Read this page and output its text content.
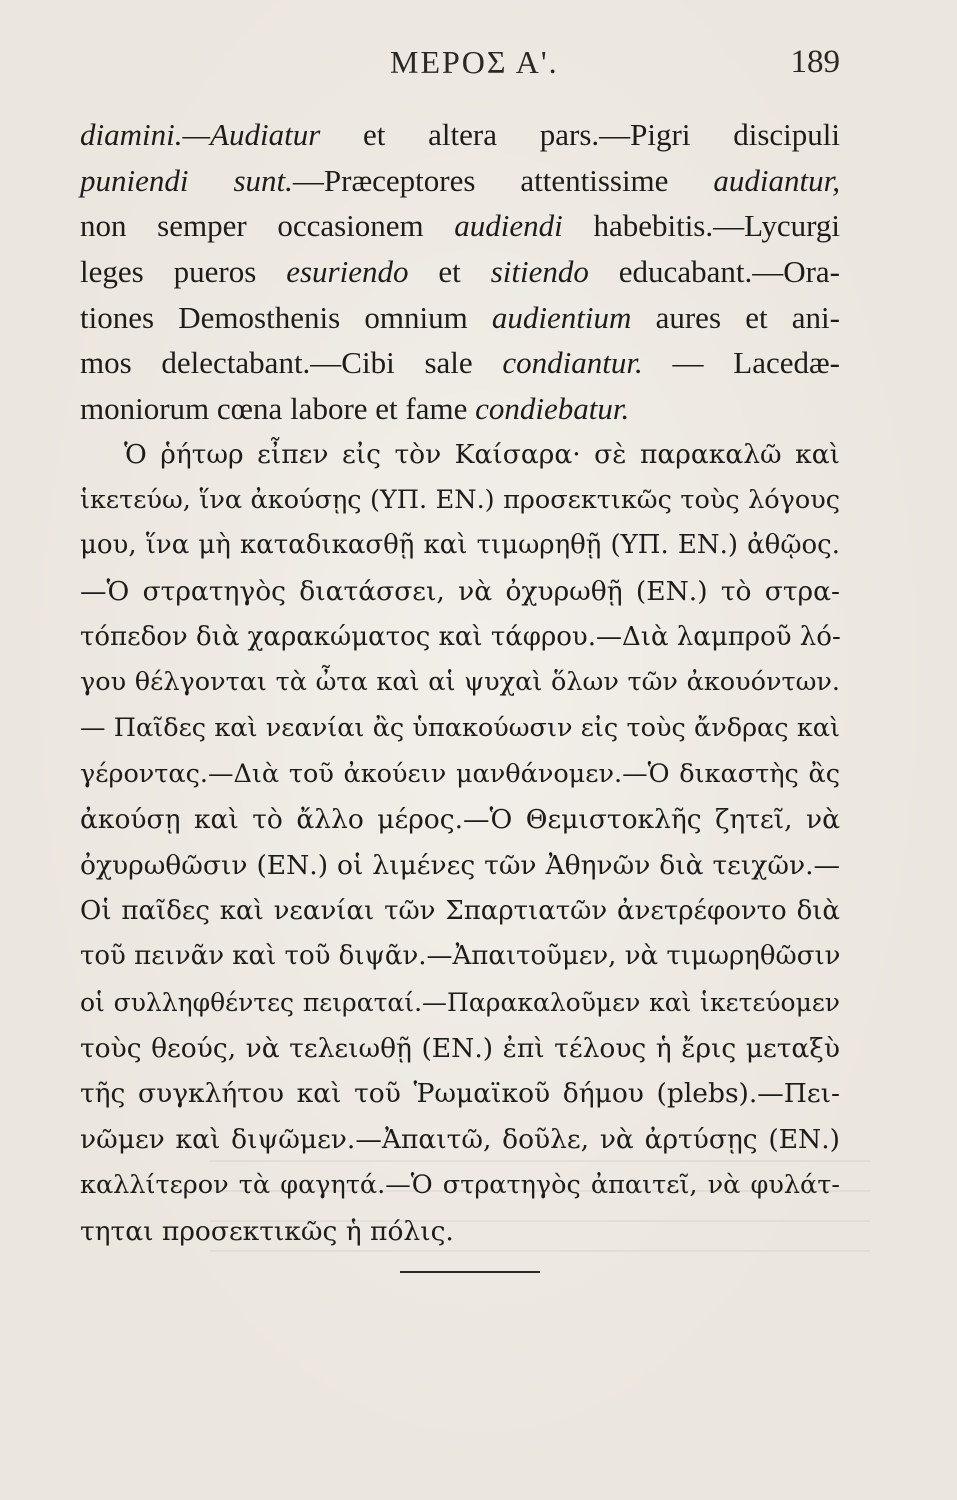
ΜΕΡΟΣ Α'.	189
diamini.—Audiatur et altera pars.—Pigri discipuli
puniendi sunt.—Præceptores attentissime audiantur,
non semper occasionem audiendi habebitis.—Lycurgi
leges pueros esuriendo et sitiendo educabant.—Ora-
tiones Demosthenis omnium audientium aures et ani-
mos delectabant.—Cibi sale condiantur. — Lacedæ-
moniorum cœna labore et fame condiebatur.
Ὁ ῥήτωρ εἶπεν εἰς τὸν Καίσαρα· σὲ παρακαλῶ καὶ
ἱκετεύω, ἵνα ἀκούσῃς (ΥΠ. ΕΝ.) προσεκτικῶς τοὺς λόγους
μου, ἵνα μὴ καταδικασθῇ καὶ τιμωρηθῇ (ΥΠ. ΕΝ.) ἀθῷος.
—Ὁ στρατηγὸς διατάσσει, νὰ ὀχυρωθῇ (ΕΝ.) τὸ στρα-
τόπεδον διὰ χαρακώματος καὶ τάφρου.—Διὰ λαμπροῦ λό-
γου θέλγονται τὰ ὦτα καὶ αἱ ψυχαὶ ὅλων τῶν ἀκουόντων.
— Παῖδες καὶ νεανίαι ἂς ὑπακούωσιν εἰς τοὺς ἄνδρας καὶ
γέροντας.—Διὰ τοῦ ἀκούειν μανθάνομεν.—Ὁ δικαστὴς ἂς
ἀκούσῃ καὶ τὸ ἄλλο μέρος.—Ὁ Θεμιστοκλῆς ζητεῖ, νὰ
ὀχυρωθῶσιν (ΕΝ.) οἱ λιμένες τῶν Ἀθηνῶν διὰ τειχῶν.—
Οἱ παῖδες καὶ νεανίαι τῶν Σπαρτιατῶν ἀνετρέφοντο διὰ
τοῦ πεινᾶν καὶ τοῦ διψᾶν.—Ἀπαιτοῦμεν, νὰ τιμωρηθῶσιν
οἱ συλληφθέντες πειραταί.—Παρακαλοῦμεν καὶ ἱκετεύομεν
τοὺς θεούς, νὰ τελειωθῇ (ΕΝ.) ἐπὶ τέλους ἡ ἔρις μεταξὺ
τῆς συγκλήτου καὶ τοῦ Ῥωμαϊκοῦ δήμου (plebs).—Πει-
νῶμεν καὶ διψῶμεν.—Ἀπαιτῶ, δοῦλε, νὰ ἀρτύσῃς (ΕΝ.)
καλλίτερον τὰ φαγητά.—Ὁ στρατηγὸς ἀπαιτεῖ, νὰ φυλάτ-
τηται προσεκτικῶς ἡ πόλις.
